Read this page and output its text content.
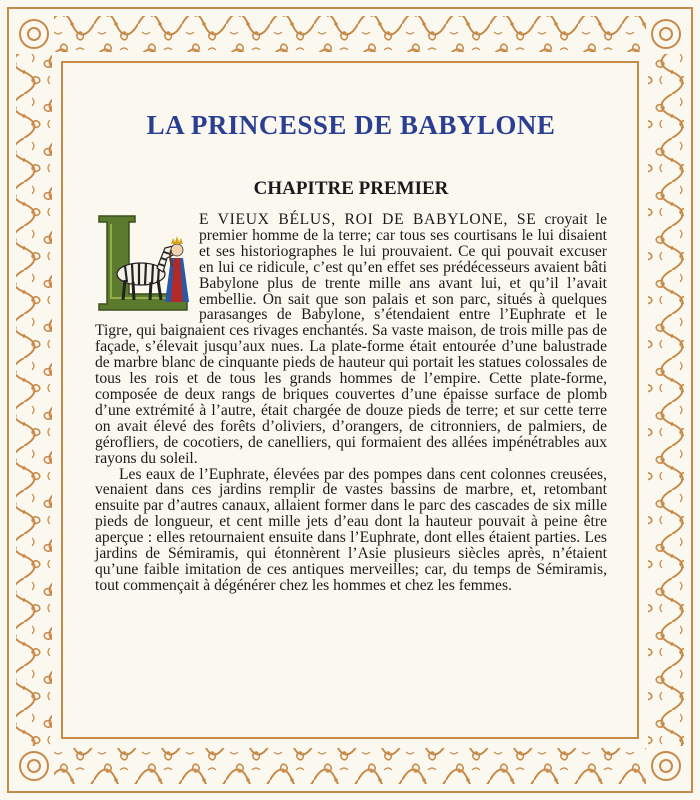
LA PRINCESSE DE BABYLONE
CHAPITRE PREMIER

E VIEUX BÉLUS, ROI DE BABYLONE, SE croyait le premier homme de la terre; car tous ses courtisans le lui disaient et ses historiographes le lui prouvaient. Ce qui pouvait excuser en lui ce ridicule, c’est qu’en effet ses prédécesseurs avaient bâti Babylone plus de trente mille ans avant lui, et qu’il l’avait embellie. On sait que son palais et son parc, situés à quelques parasanges de Babylone, s’étendaient entre l’Euphrate et le Tigre, qui baignaient ces rivages enchantés. Sa vaste maison, de trois mille pas de façade, s’élevait jusqu’aux nues. La plate-forme était entourée d’une balustrade de marbre blanc de cinquante pieds de hauteur qui portait les statues colossales de tous les rois et de tous les grands hommes de l’empire. Cette plate-forme, composée de deux rangs de briques couvertes d’une épaisse surface de plomb d’une extrémité à l’autre, était chargée de douze pieds de terre; et sur cette terre on avait élevé des forêts d’oliviers, d’orangers, de citronniers, de palmiers, de gérofliers, de cocotiers, de canelliers, qui formaient des allées impénétrables aux rayons du soleil.

Les eaux de l’Euphrate, élevées par des pompes dans cent colonnes creusées, venaient dans ces jardins remplir de vastes bassins de marbre, et, retombant ensuite par d’autres canaux, allaient former dans le parc des cascades de six mille pieds de longueur, et cent mille jets d’eau dont la hauteur pouvait à peine être aperçue : elles retournaient ensuite dans l’Euphrate, dont elles étaient parties. Les jardins de Sémiramis, qui étonnèrent l’Asie plusieurs siècles après, n’étaient qu’une faible imitation de ces antiques merveilles; car, du temps de Sémiramis, tout commençait à dégénérer chez les hommes et chez les femmes.
